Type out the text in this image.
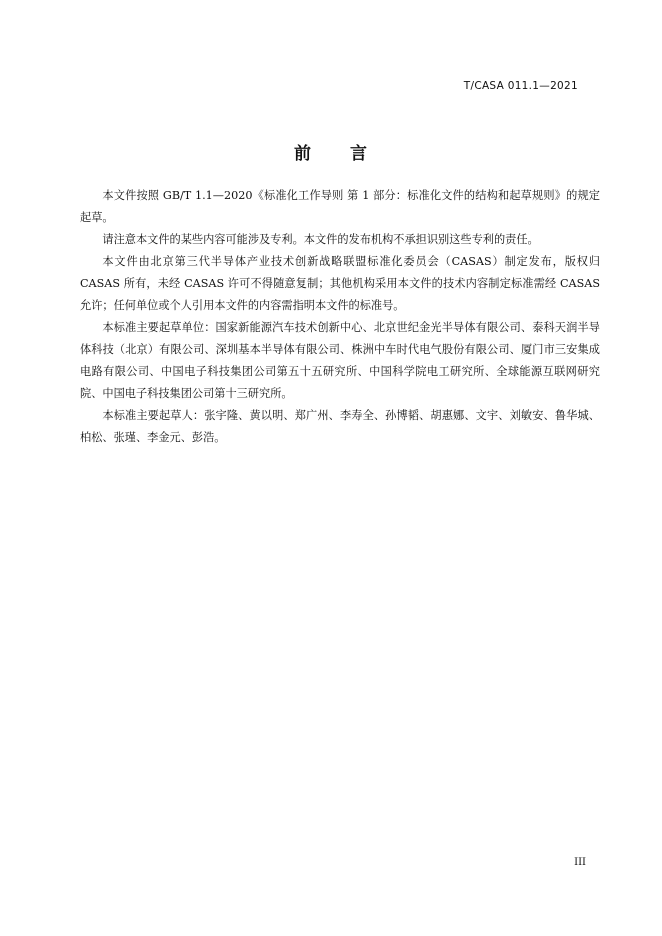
T/CASA 011.1—2021
前 言

本文件按照 GB/T 1.1—2020《标准化工作导则 第 1 部分：标准化文件的结构和起草规则》的规定起草。

请注意本文件的某些内容可能涉及专利。本文件的发布机构不承担识别这些专利的责任。

本文件由北京第三代半导体产业技术创新战略联盟标准化委员会（CASAS）制定发布，版权归CASAS 所有，未经 CASAS 许可不得随意复制；其他机构采用本文件的技术内容制定标准需经 CASAS 允许；任何单位或个人引用本文件的内容需指明本文件的标准号。

本标准主要起草单位：国家新能源汽车技术创新中心、北京世纪金光半导体有限公司、泰科天润半导体科技（北京）有限公司、深圳基本半导体有限公司、株洲中车时代电气股份有限公司、厦门市三安集成电路有限公司、中国电子科技集团公司第五十五研究所、中国科学院电工研究所、全球能源互联网研究院、中国电子科技集团公司第十三研究所。

本标准主要起草人：张宇隆、黄以明、郑广州、李寿全、孙博韬、胡惠娜、文宇、刘敏安、鲁华城、柏松、张瑾、李金元、彭浩。

III
